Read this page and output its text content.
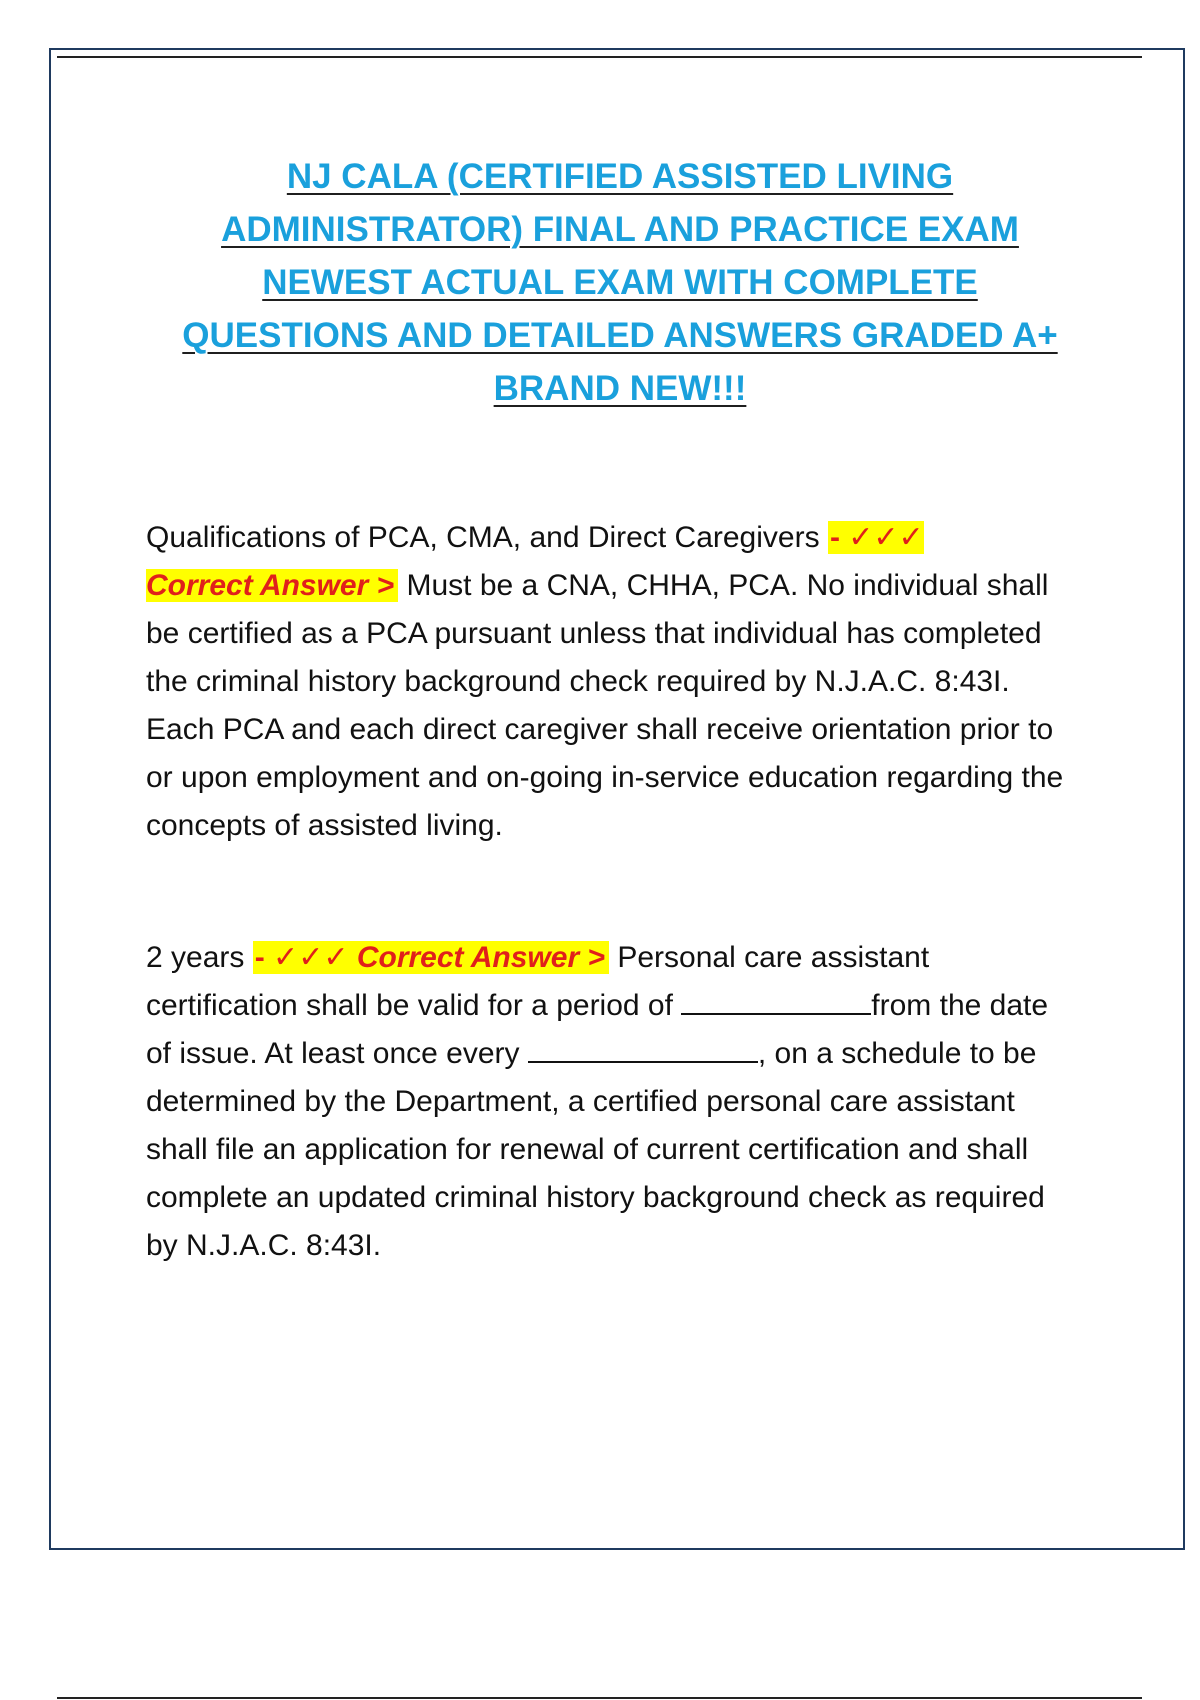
NJ CALA (CERTIFIED ASSISTED LIVING
ADMINISTRATOR) FINAL AND PRACTICE EXAM
NEWEST ACTUAL EXAM WITH COMPLETE
QUESTIONS AND DETAILED ANSWERS GRADED A+
BRAND NEW!!!

Qualifications of PCA, CMA, and Direct Caregivers - ✓✓✓
Correct Answer > Must be a CNA, CHHA, PCA. No individual shall be certified as a PCA pursuant unless that individual has completed the criminal history background check required by N.J.A.C. 8:43I. Each PCA and each direct caregiver shall receive orientation prior to or upon employment and on-going in-service education regarding the concepts of assisted living.

2 years - ✓✓✓ Correct Answer > Personal care assistant certification shall be valid for a period of	from the date of issue. At least once every	, on a schedule to be determined by the Department, a certified personal care assistant shall file an application for renewal of current certification and shall complete an updated criminal history background check as required by N.J.A.C. 8:43I.
